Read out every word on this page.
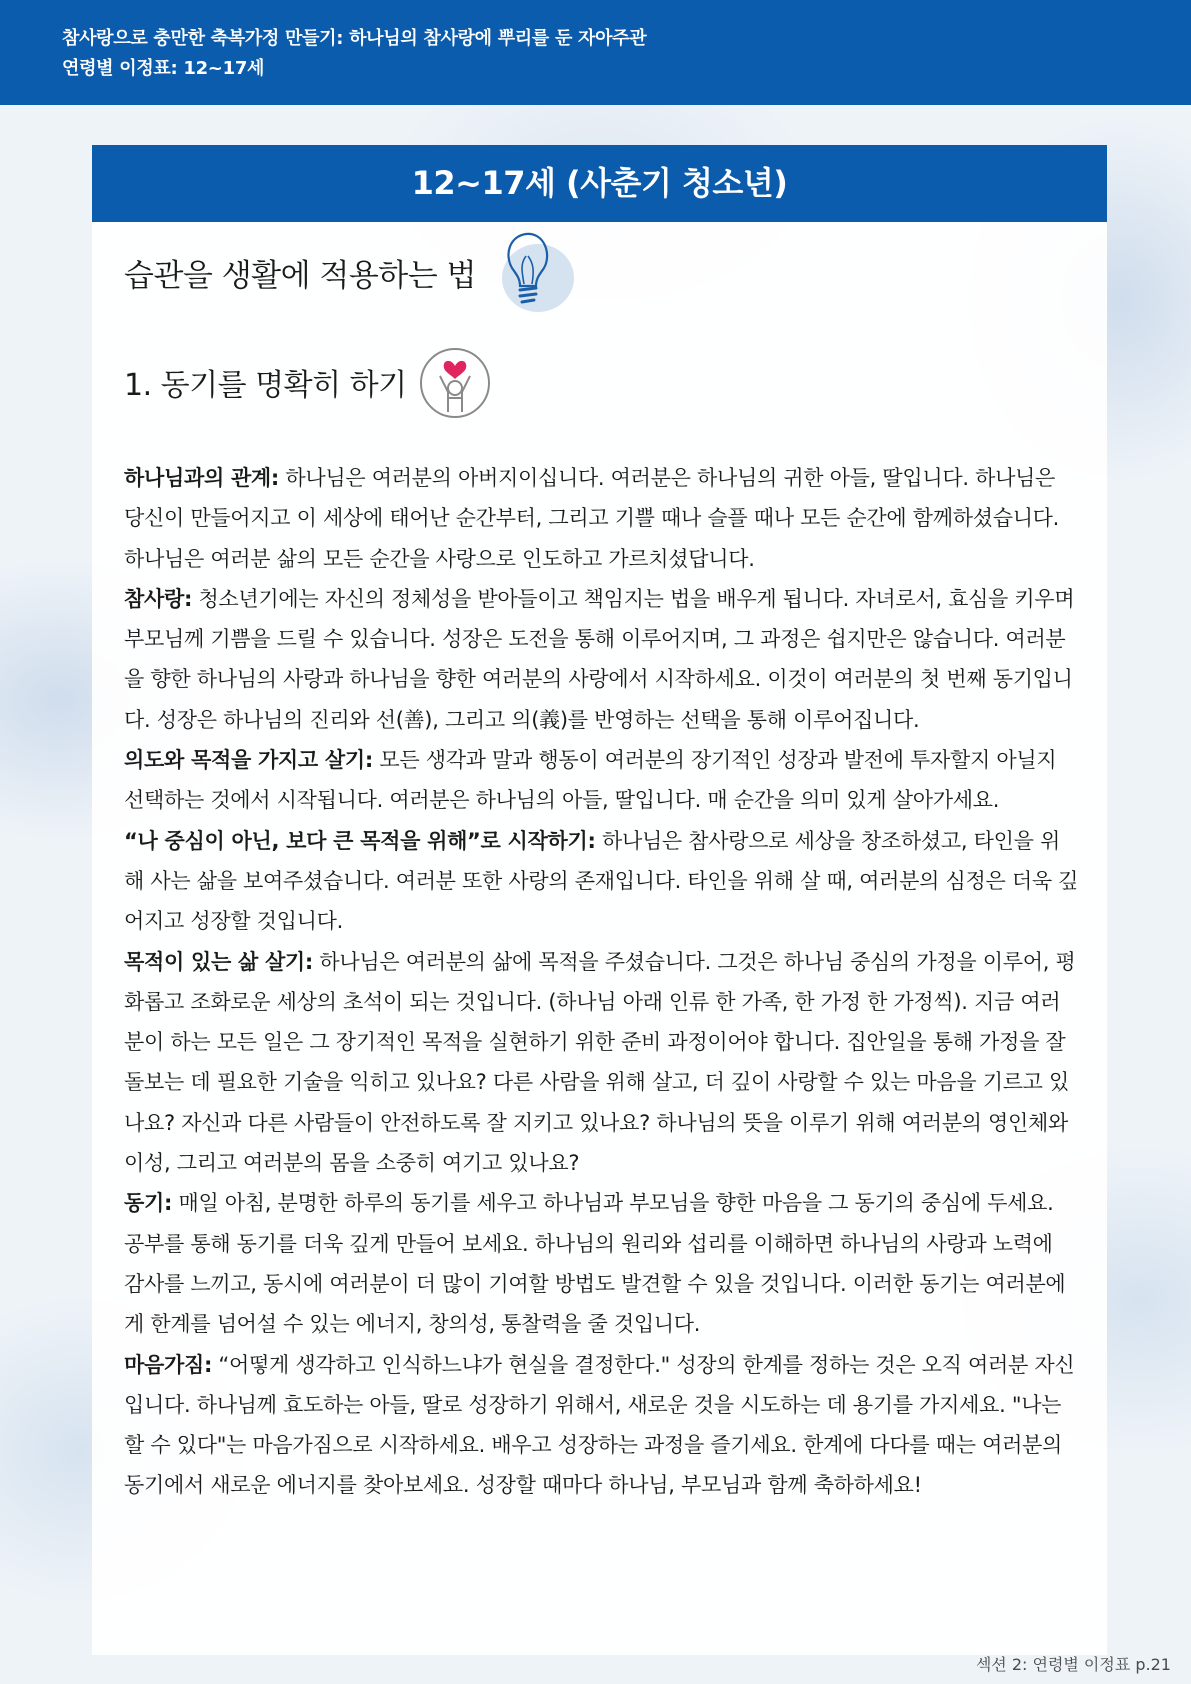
참사랑으로 충만한 축복가정 만들기: 하나님의 참사랑에 뿌리를 둔 자아주관
연령별 이정표: 12~17세
12~17세 (사춘기 청소년)
습관을 생활에 적용하는 법
1. 동기를 명확히 하기

하나님과의 관계: 하나님은 여러분의 아버지이십니다. 여러분은 하나님의 귀한 아들, 딸입니다. 하나님은 당신이 만들어지고 이 세상에 태어난 순간부터, 그리고 기쁠 때나 슬플 때나 모든 순간에 함께하셨습니다. 하나님은 여러분 삶의 모든 순간을 사랑으로 인도하고 가르치셨답니다.

참사랑: 청소년기에는 자신의 정체성을 받아들이고 책임지는 법을 배우게 됩니다. 자녀로서, 효심을 키우며 부모님께 기쁨을 드릴 수 있습니다. 성장은 도전을 통해 이루어지며, 그 과정은 쉽지만은 않습니다. 여러분을 향한 하나님의 사랑과 하나님을 향한 여러분의 사랑에서 시작하세요. 이것이 여러분의 첫 번째 동기입니다. 성장은 하나님의 진리와 선(善), 그리고 의(義)를 반영하는 선택을 통해 이루어집니다.

의도와 목적을 가지고 살기: 모든 생각과 말과 행동이 여러분의 장기적인 성장과 발전에 투자할지 아닐지 선택하는 것에서 시작됩니다. 여러분은 하나님의 아들, 딸입니다. 매 순간을 의미 있게 살아가세요.

“나 중심이 아닌, 보다 큰 목적을 위해”로 시작하기: 하나님은 참사랑으로 세상을 창조하셨고, 타인을 위해 사는 삶을 보여주셨습니다. 여러분 또한 사랑의 존재입니다. 타인을 위해 살 때, 여러분의 심정은 더욱 깊어지고 성장할 것입니다.

목적이 있는 삶 살기: 하나님은 여러분의 삶에 목적을 주셨습니다. 그것은 하나님 중심의 가정을 이루어, 평화롭고 조화로운 세상의 초석이 되는 것입니다. (하나님 아래 인류 한 가족, 한 가정 한 가정씩). 지금 여러분이 하는 모든 일은 그 장기적인 목적을 실현하기 위한 준비 과정이어야 합니다. 집안일을 통해 가정을 잘 돌보는 데 필요한 기술을 익히고 있나요? 다른 사람을 위해 살고, 더 깊이 사랑할 수 있는 마음을 기르고 있나요? 자신과 다른 사람들이 안전하도록 잘 지키고 있나요? 하나님의 뜻을 이루기 위해 여러분의 영인체와 이성, 그리고 여러분의 몸을 소중히 여기고 있나요?

동기: 매일 아침, 분명한 하루의 동기를 세우고 하나님과 부모님을 향한 마음을 그 동기의 중심에 두세요. 공부를 통해 동기를 더욱 깊게 만들어 보세요. 하나님의 원리와 섭리를 이해하면 하나님의 사랑과 노력에 감사를 느끼고, 동시에 여러분이 더 많이 기여할 방법도 발견할 수 있을 것입니다. 이러한 동기는 여러분에게 한계를 넘어설 수 있는 에너지, 창의성, 통찰력을 줄 것입니다.

마음가짐: “어떻게 생각하고 인식하느냐가 현실을 결정한다." 성장의 한계를 정하는 것은 오직 여러분 자신입니다. 하나님께 효도하는 아들, 딸로 성장하기 위해서, 새로운 것을 시도하는 데 용기를 가지세요. "나는 할 수 있다"는 마음가짐으로 시작하세요. 배우고 성장하는 과정을 즐기세요. 한계에 다다를 때는 여러분의 동기에서 새로운 에너지를 찾아보세요. 성장할 때마다 하나님, 부모님과 함께 축하하세요!

섹션 2: 연령별 이정표 p.21
